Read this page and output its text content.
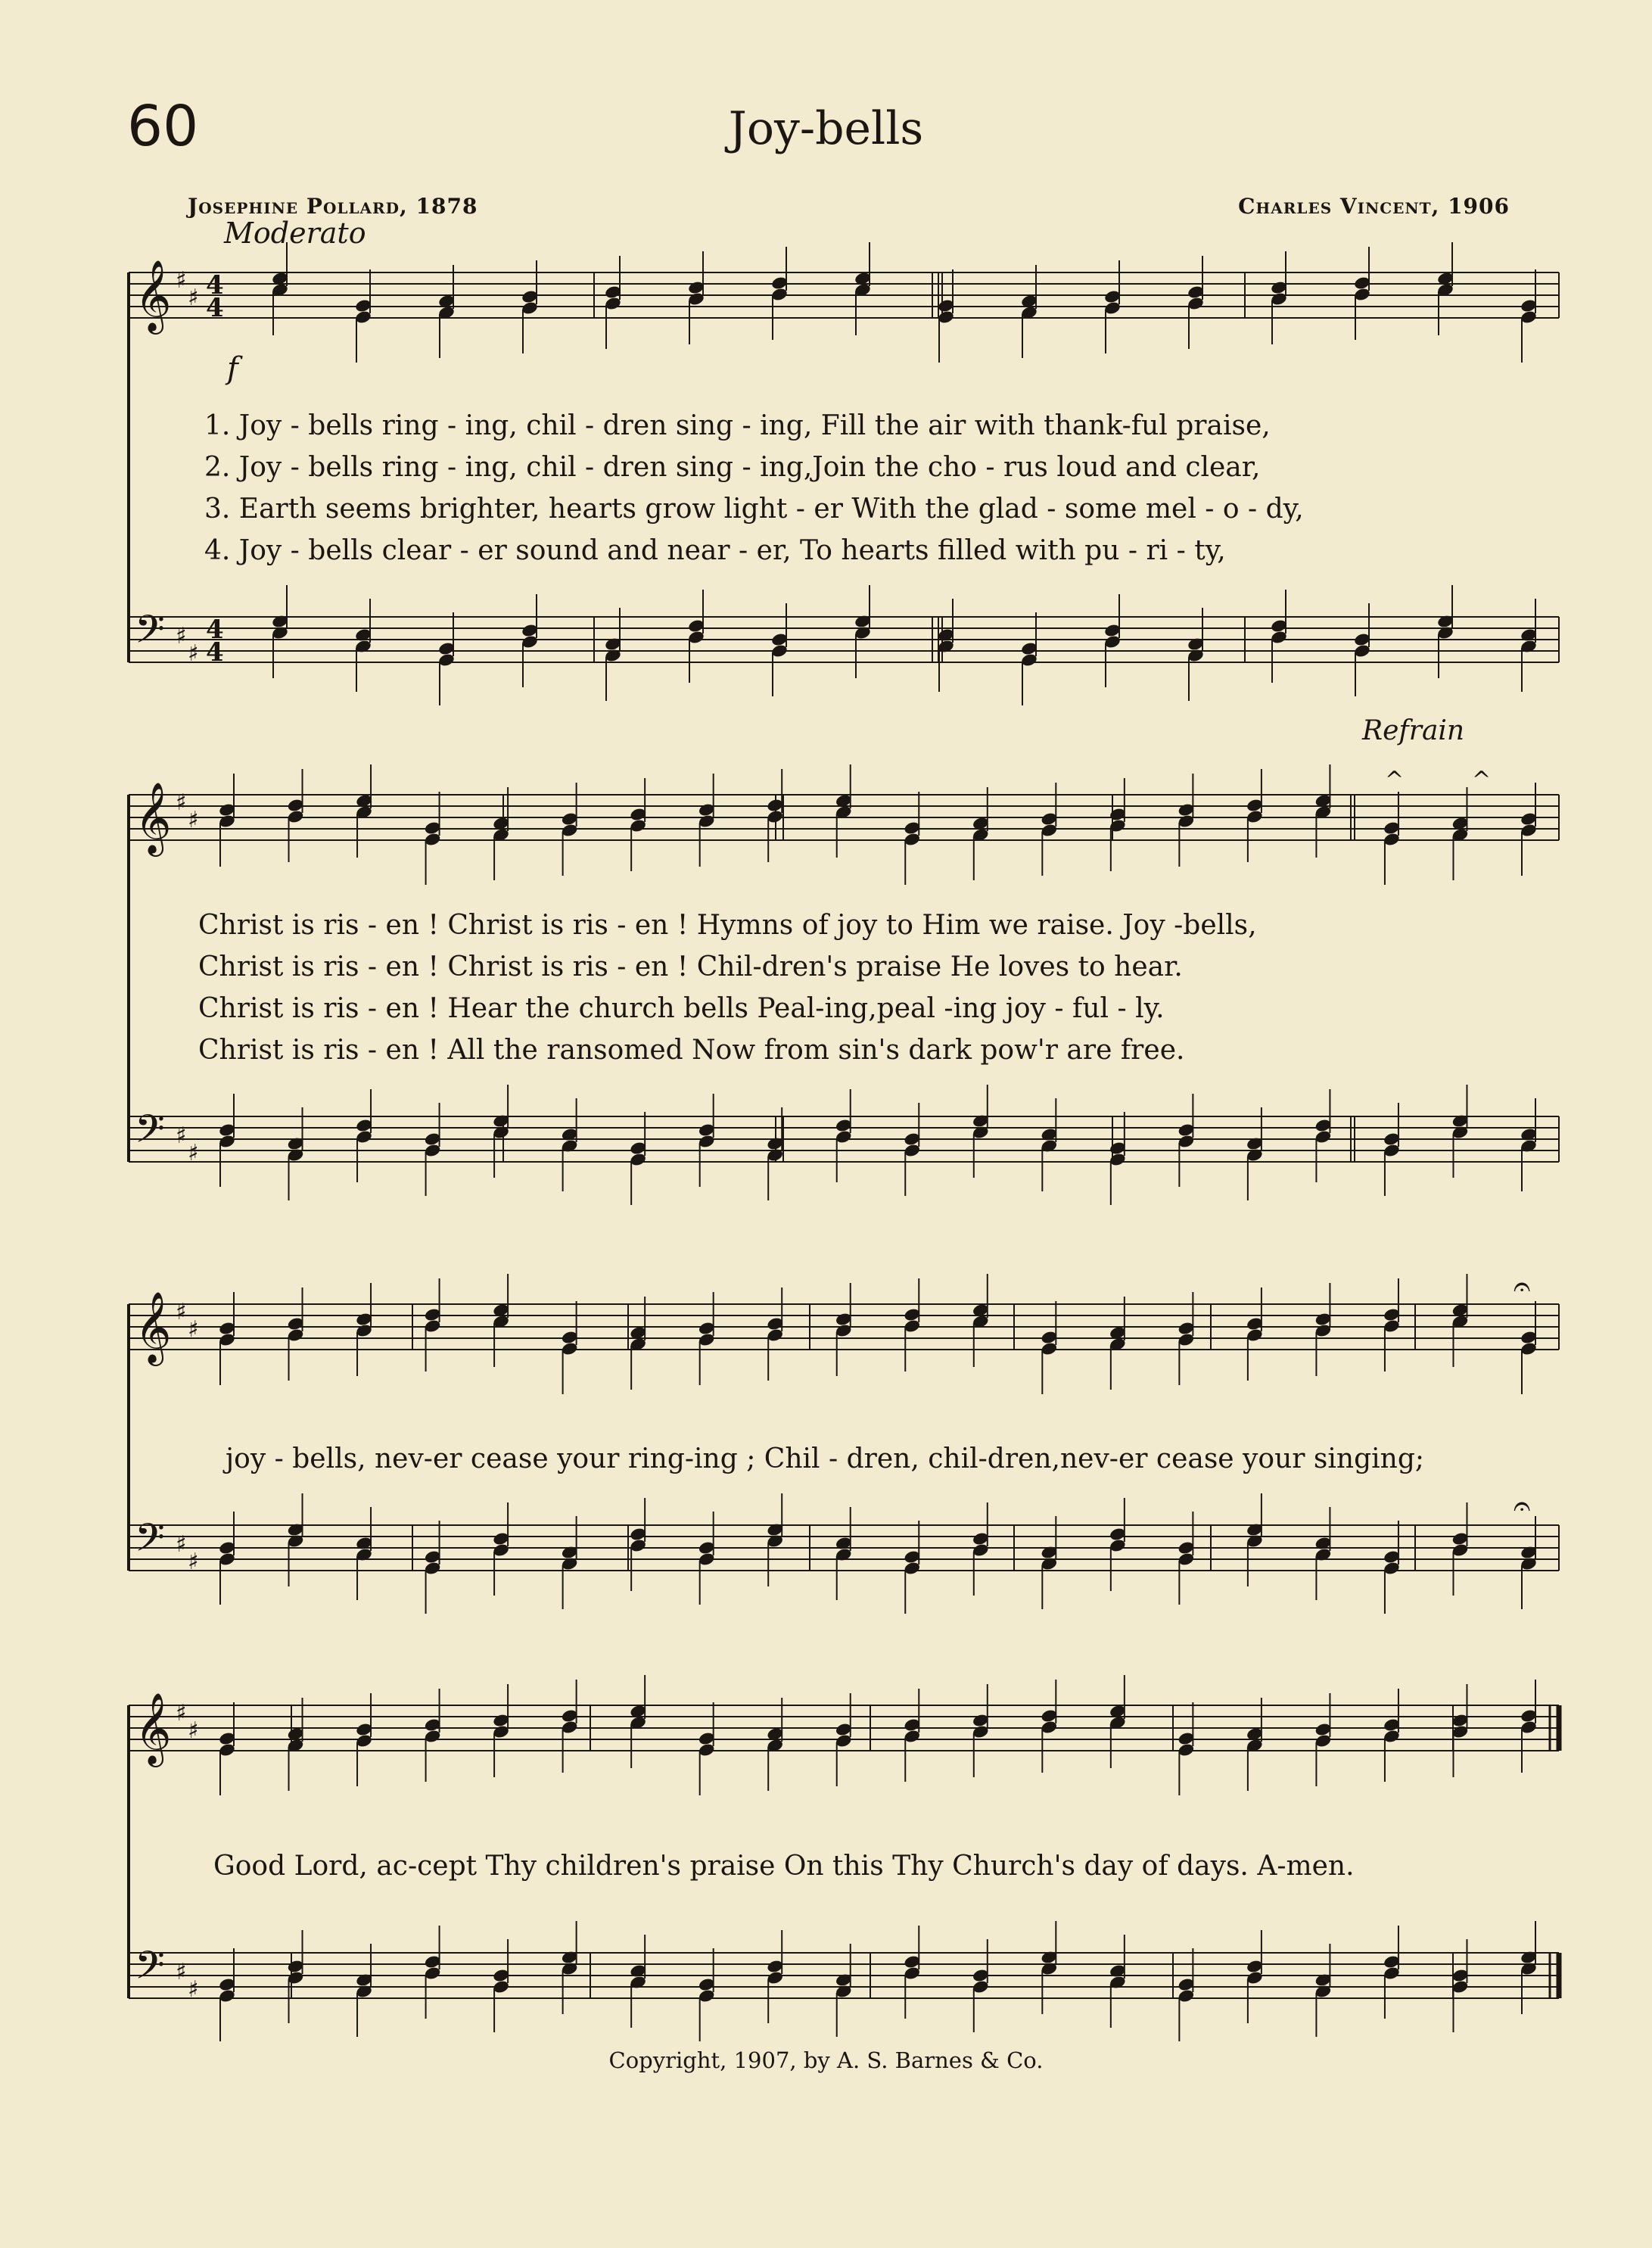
60	Joy-bells
Josephine Pollard, 1878	Charles Vincent, 1906
Moderato
Refrain
1. Joy - bells ring - ing, chil - dren sing - ing, Fill the air with thank-ful praise,
2. Joy - bells ring - ing, chil - dren sing - ing,Join the cho - rus loud and clear,
3. Earth seems brighter, hearts grow light - er With the glad - some mel - o - dy,
4. Joy - bells clear - er sound and near - er, To hearts filled with pu - ri - ty,
Christ is ris - en ! Christ is ris - en ! Hymns of joy to Him we raise. Joy -bells,
Christ is ris - en ! Christ is ris - en ! Chil-dren's praise He loves to hear.
Christ is ris - en ! Hear the church bells Peal-ing,peal -ing joy - ful - ly.
Christ is ris - en ! All the ransomed Now from sin's dark pow'r are free.
joy - bells, nev-er cease your ring-ing ; Chil - dren, chil-dren,nev-er cease your singing;
Good Lord, ac-cept Thy children's praise On this Thy Church's day of days. A-men.
Copyright, 1907, by A. S. Barnes & Co.
𝄞
𝄢
♯
♯
♯
♯
4
4
4
4
f
𝄞
𝄢
♯
♯
♯
♯
𝄞
𝄢
♯
♯
♯
♯
𝄐
𝄐
𝄞
𝄢
♯
♯
♯
♯
^	^
